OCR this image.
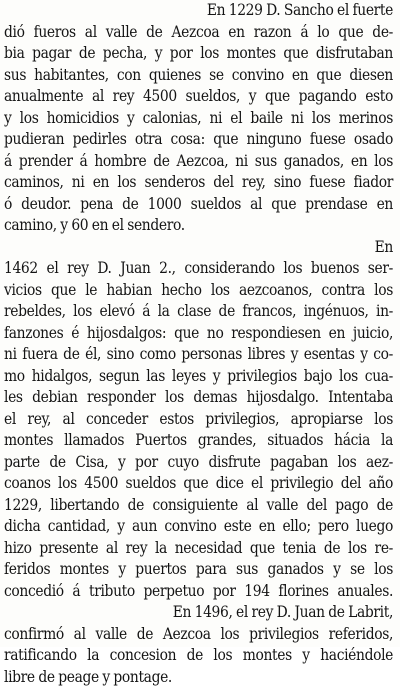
En 1229 D. Sancho el fuerte
dió fueros al valle de Aezcoa en razon á lo que de-
bia pagar de pecha, y por los montes que disfrutaban
sus habitantes, con quienes se convino en que diesen
anualmente al rey 4500 sueldos, y que pagando esto
y los homicidios y calonias, ni el baile ni los merinos
pudieran pedirles otra cosa: que ninguno fuese osado
á prender á hombre de Aezcoa, ni sus ganados, en los
caminos, ni en los senderos del rey, sino fuese fiador
ó deudor. pena de 1000 sueldos al que prendase en
camino, y 60 en el sendero.
En
1462 el rey D. Juan 2., considerando los buenos ser-
vicios que le habian hecho los aezcoanos, contra los
rebeldes, los elevó á la clase de francos, ingénuos, in-
fanzones é hijosdalgos: que no respondiesen en juicio,
ni fuera de él, sino como personas libres y esentas y co-
mo hidalgos, segun las leyes y privilegios bajo los cua-
les debian responder los demas hijosdalgo. Intentaba
el rey, al conceder estos privilegios, apropiarse los
montes llamados Puertos grandes, situados hácia la
parte de Cisa, y por cuyo disfrute pagaban los aez-
coanos los 4500 sueldos que dice el privilegio del año
1229, libertando de consiguiente al valle del pago de
dicha cantidad, y aun convino este en ello; pero luego
hizo presente al rey la necesidad que tenia de los re-
feridos montes y puertos para sus ganados y se los
concedió á tributo perpetuo por 194 florines anuales.
En 1496, el rey D. Juan de Labrit,
confirmó al valle de Aezcoa los privilegios referidos,
ratificando la concesion de los montes y haciéndole
libre de peage y pontage.
